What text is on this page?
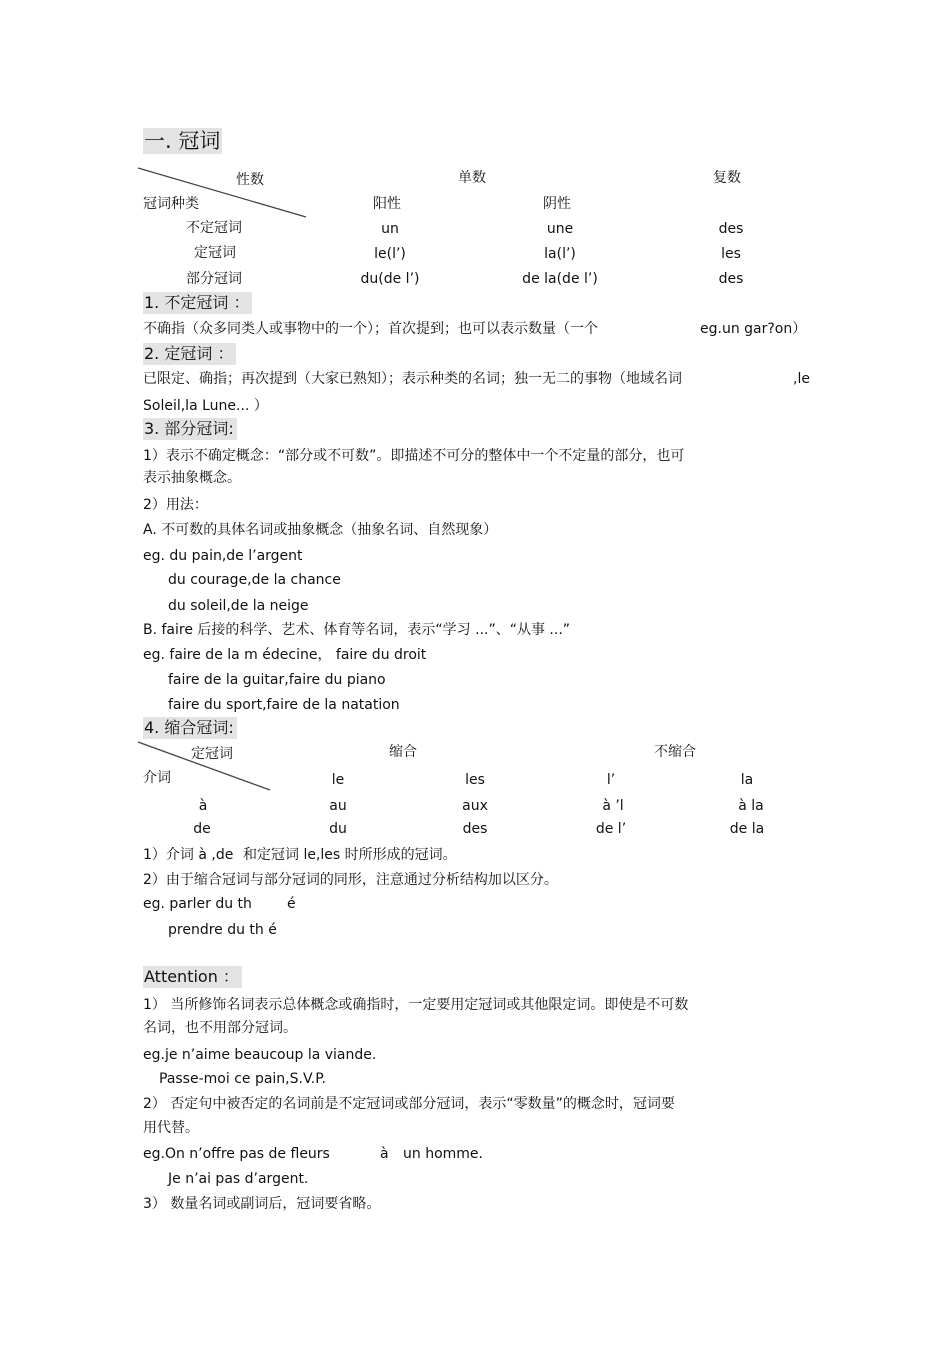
一. 冠词
性数
冠词种类
单数	复数
阳性	阴性
不定冠词	un	une	des
定冠词	le(l’)	la(l’)	les
部分冠词	du(de l’)	de la(de l’)	des
1. 不定冠词 ：
不确指（众多同类人或事物中的一个）；首次提到；也可以表示数量（一个	eg.un gar?on）
2. 定冠词 ：
已限定、确指；再次提到（大家已熟知）；表示种类的名词；独一无二的事物（地域名词	,le
Soleil,la Lune... ）
3. 部分冠词:
1）表示不确定概念：“部分或不可数”。即描述不可分的整体中一个不定量的部分，也可
表示抽象概念。
2）用法：
A. 不可数的具体名词或抽象概念（抽象名词、自然现象）
eg. du pain,de l’argent
du courage,de la chance
du soleil,de la neige
B. faire 后接的科学、艺术、体育等名词，表示“学习 ...”、“从事 ...”
eg. faire de la m édecine， faire du droit
faire de la guitar,faire du piano
faire du sport,faire de la natation
4. 缩合冠词:
定冠词
介词
缩合	不缩合
le	les	l’	la
à	au	aux	à ’l	à la
de	du	des	de l’	de la
1）介词 à ,de 和定冠词 le,les 时所形成的冠词。
2）由于缩合冠词与部分冠词的同形，注意通过分析结构加以区分。
eg. parler du th	é
prendre du th é
Attention ：
1） 当所修饰名词表示总体概念或确指时，一定要用定冠词或其他限定词。即使是不可数
名词，也不用部分冠词。
eg.je n’aime beaucoup la viande.
Passe-moi ce pain,S.V.P.
2） 否定句中被否定的名词前是不定冠词或部分冠词，表示“零数量”的概念时，冠词要
用代替。
eg.On n’offre pas de fleurs	à un homme.
Je n’ai pas d’argent.
3） 数量名词或副词后，冠词要省略。
